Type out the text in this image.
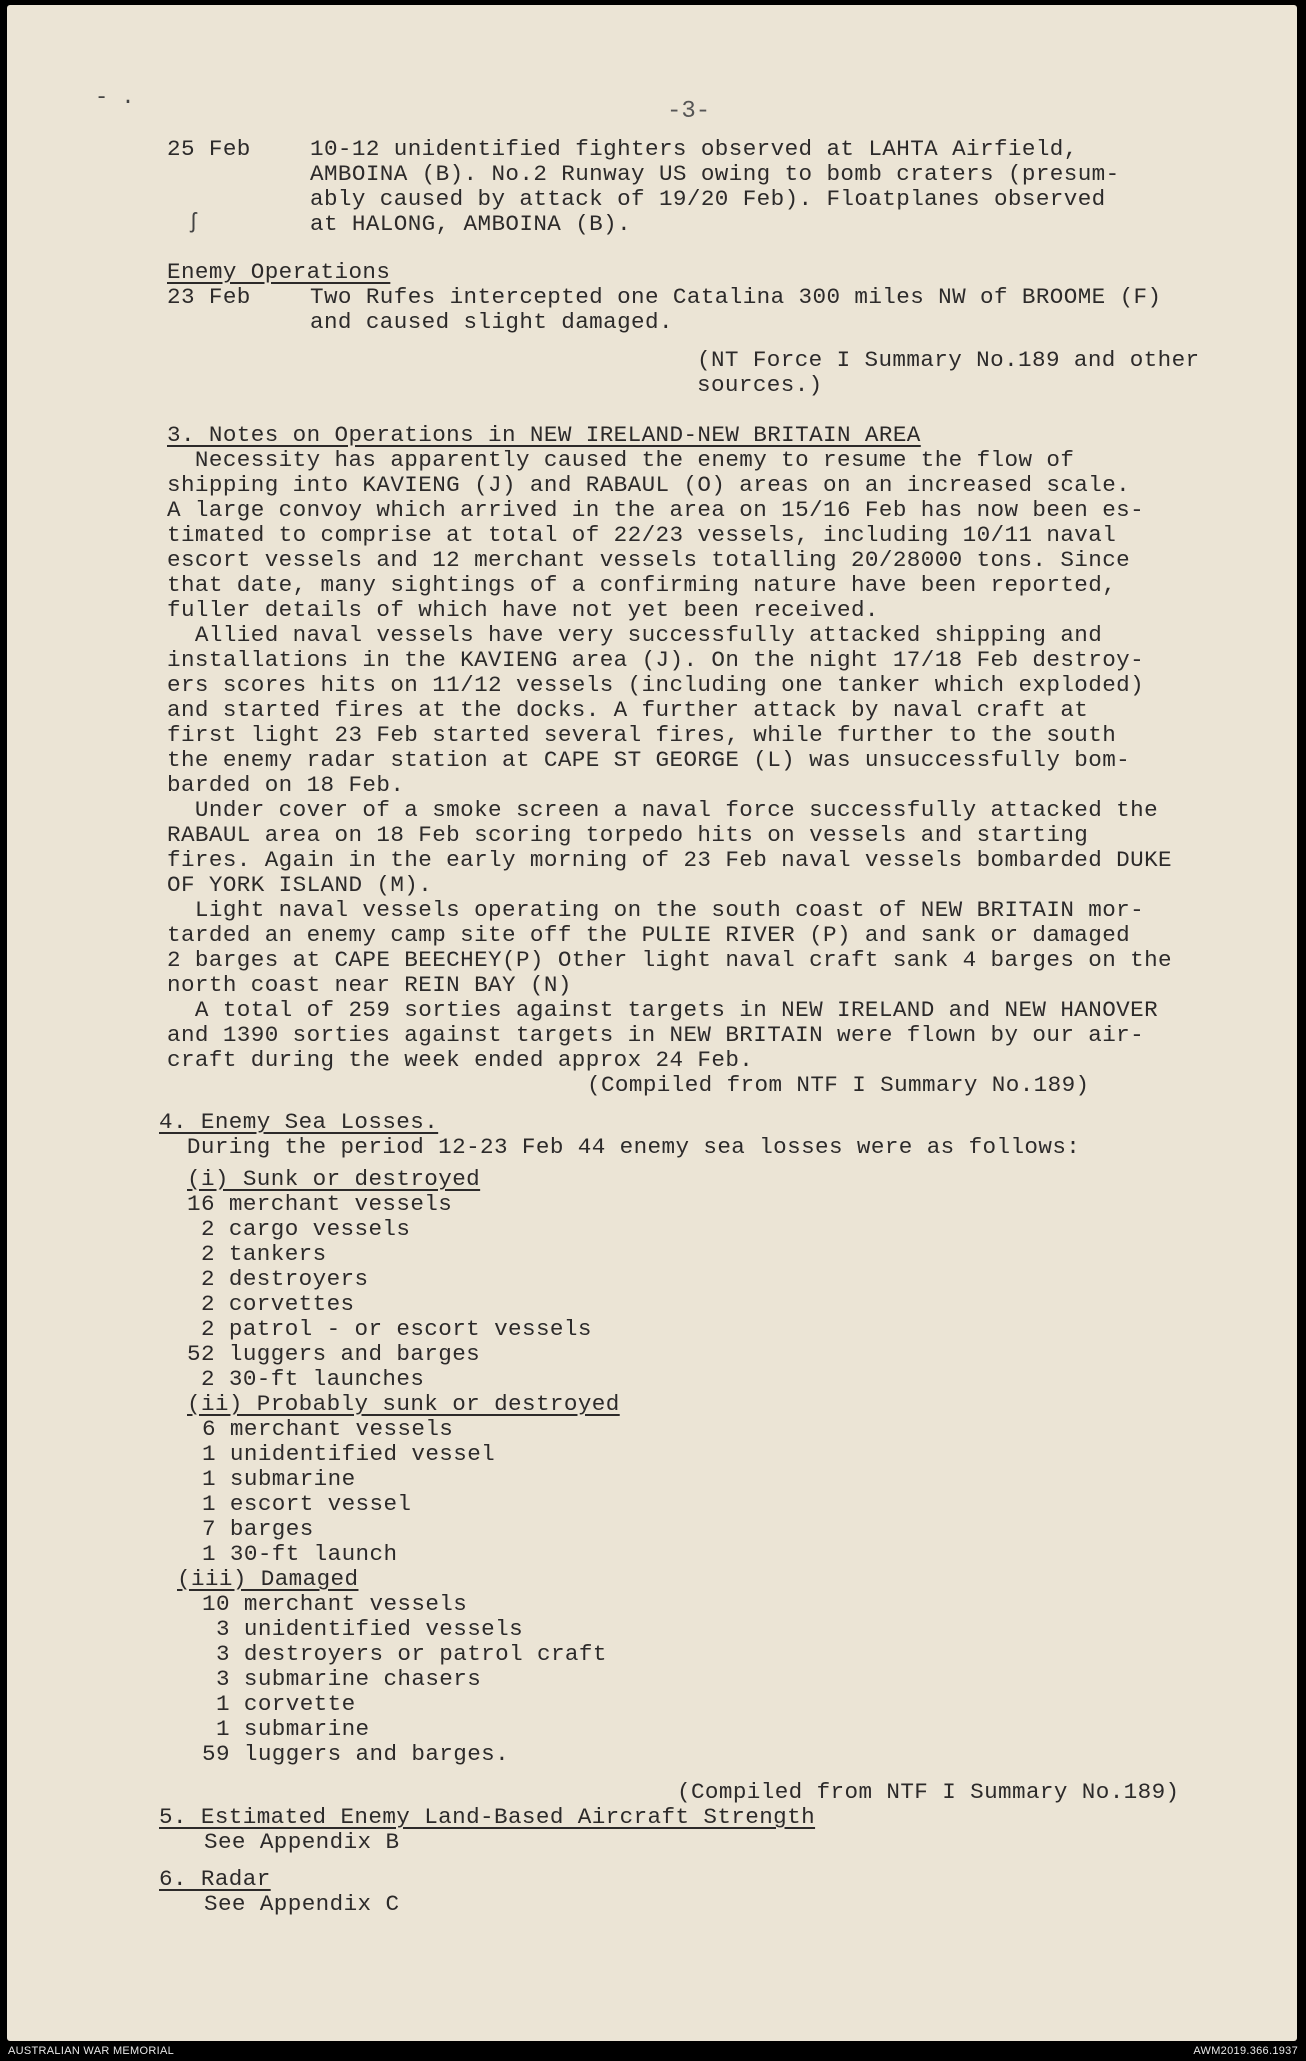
-3-
- .
ʃ
25 Feb	10-12 unidentified fighters observed at LAHTA Airfield,
AMBOINA (B). No.2 Runway US owing to bomb craters (presum-
ably caused by attack of 19/20 Feb). Floatplanes observed
at HALONG, AMBOINA (B).
Enemy Operations
23 Feb	Two Rufes intercepted one Catalina 300 miles NW of BROOME (F)
and caused slight damaged.
(NT Force I Summary No.189 and other
sources.)
3. Notes on Operations in NEW IRELAND-NEW BRITAIN AREA
Necessity has apparently caused the enemy to resume the flow of
shipping into KAVIENG (J) and RABAUL (O) areas on an increased scale.
A large convoy which arrived in the area on 15/16 Feb has now been es-
timated to comprise at total of 22/23 vessels, including 10/11 naval
escort vessels and 12 merchant vessels totalling 20/28000 tons. Since
that date, many sightings of a confirming nature have been reported,
fuller details of which have not yet been received.
Allied naval vessels have very successfully attacked shipping and
installations in the KAVIENG area (J). On the night 17/18 Feb destroy-
ers scores hits on 11/12 vessels (including one tanker which exploded)
and started fires at the docks. A further attack by naval craft at
first light 23 Feb started several fires, while further to the south
the enemy radar station at CAPE ST GEORGE (L) was unsuccessfully bom-
barded on 18 Feb.
Under cover of a smoke screen a naval force successfully attacked the
RABAUL area on 18 Feb scoring torpedo hits on vessels and starting
fires. Again in the early morning of 23 Feb naval vessels bombarded DUKE
OF YORK ISLAND (M).
Light naval vessels operating on the south coast of NEW BRITAIN mor-
tarded an enemy camp site off the PULIE RIVER (P) and sank or damaged
2 barges at CAPE BEECHEY(P) Other light naval craft sank 4 barges on the
north coast near REIN BAY (N)
A total of 259 sorties against targets in NEW IRELAND and NEW HANOVER
and 1390 sorties against targets in NEW BRITAIN were flown by our air-
craft during the week ended approx 24 Feb.
(Compiled from NTF I Summary No.189)
4. Enemy Sea Losses.
During the period 12-23 Feb 44 enemy sea losses were as follows:
(i) Sunk or destroyed
16 merchant vessels
2 cargo vessels
2 tankers
2 destroyers
2 corvettes
2 patrol - or escort vessels
52 luggers and barges
2 30-ft launches
(ii) Probably sunk or destroyed
6 merchant vessels
1 unidentified vessel
1 submarine
1 escort vessel
7 barges
1 30-ft launch
(iii) Damaged
10 merchant vessels
3 unidentified vessels
3 destroyers or patrol craft
3 submarine chasers
1 corvette
1 submarine
59 luggers and barges.
(Compiled from NTF I Summary No.189)
5. Estimated Enemy Land-Based Aircraft Strength
See Appendix B
6. Radar
See Appendix C
AUSTRALIAN WAR MEMORIAL	AWM2019.366.1937
